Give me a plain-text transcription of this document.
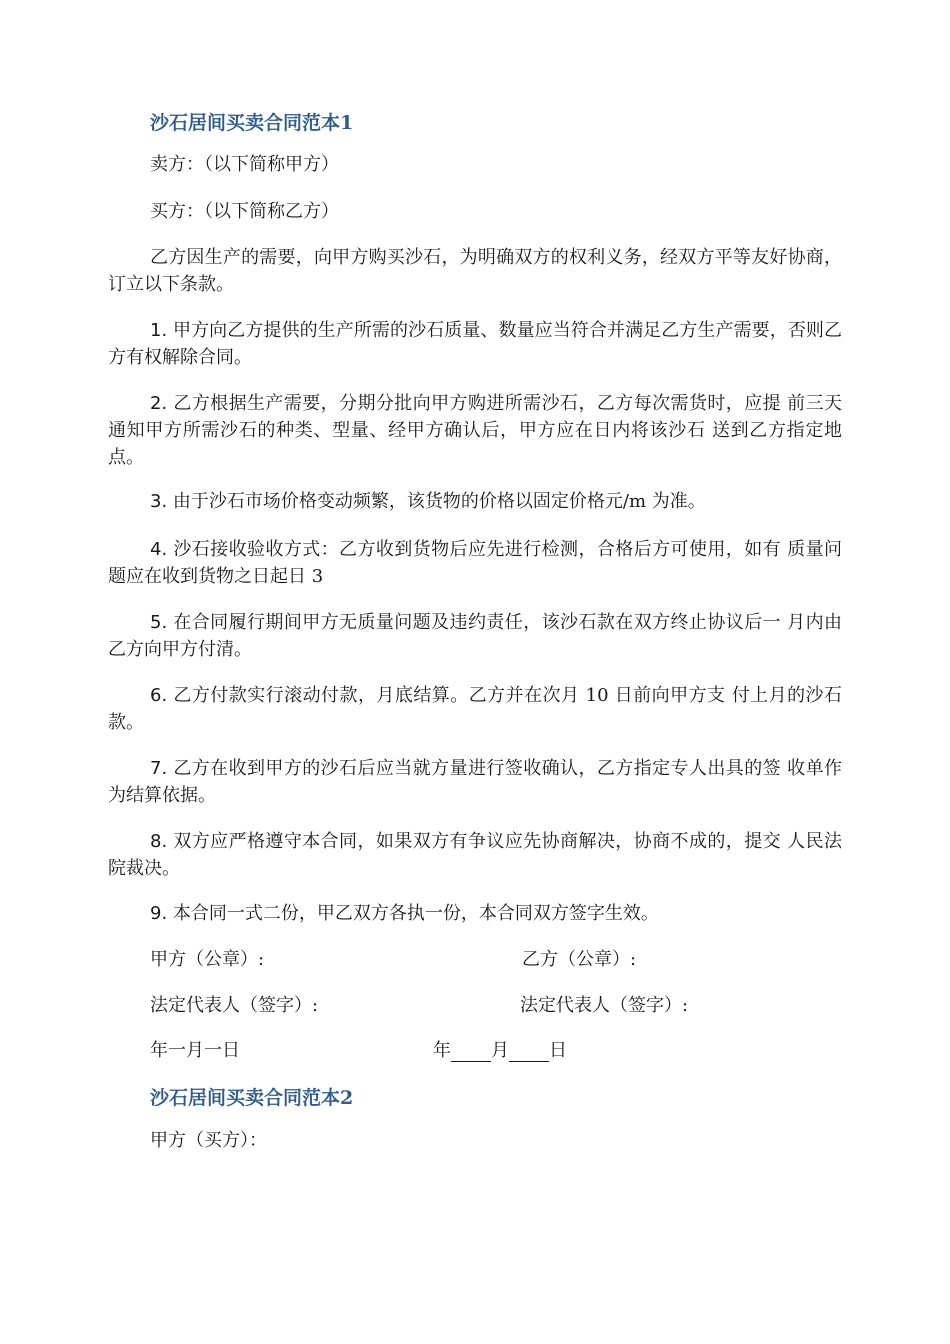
沙石居间买卖合同范本1
卖方：（以下简称甲方）
买方：（以下简称乙方）
乙方因生产的需要，向甲方购买沙石，为明确双方的权利义务，经双方平等友好协商，订立以下条款。
1. 甲方向乙方提供的生产所需的沙石质量、数量应当符合并满足乙方生产需要，否则乙方有权解除合同。
2. 乙方根据生产需要，分期分批向甲方购进所需沙石，乙方每次需货时，应提 前三天通知甲方所需沙石的种类、型量、经甲方确认后，甲方应在日内将该沙石 送到乙方指定地点。
3. 由于沙石市场价格变动频繁，该货物的价格以固定价格元/m 为准。
4. 沙石接收验收方式：乙方收到货物后应先进行检测，合格后方可使用，如有 质量问题应在收到货物之日起日 3
5. 在合同履行期间甲方无质量问题及违约责任，该沙石款在双方终止协议后一 月内由乙方向甲方付清。
6. 乙方付款实行滚动付款，月底结算。乙方并在次月 10 日前向甲方支 付上月的沙石款。
7. 乙方在收到甲方的沙石后应当就方量进行签收确认，乙方指定专人出具的签 收单作为结算依据。
8. 双方应严格遵守本合同，如果双方有争议应先协商解决，协商不成的，提交 人民法院裁决。
9. 本合同一式二份，甲乙双方各执一份，本合同双方签字生效。
甲方（公章）:	乙方（公章）:
法定代表人（签字）:	法定代表人（签字）:
年一月一日	年 月 日
沙石居间买卖合同范本2
甲方（买方）：
